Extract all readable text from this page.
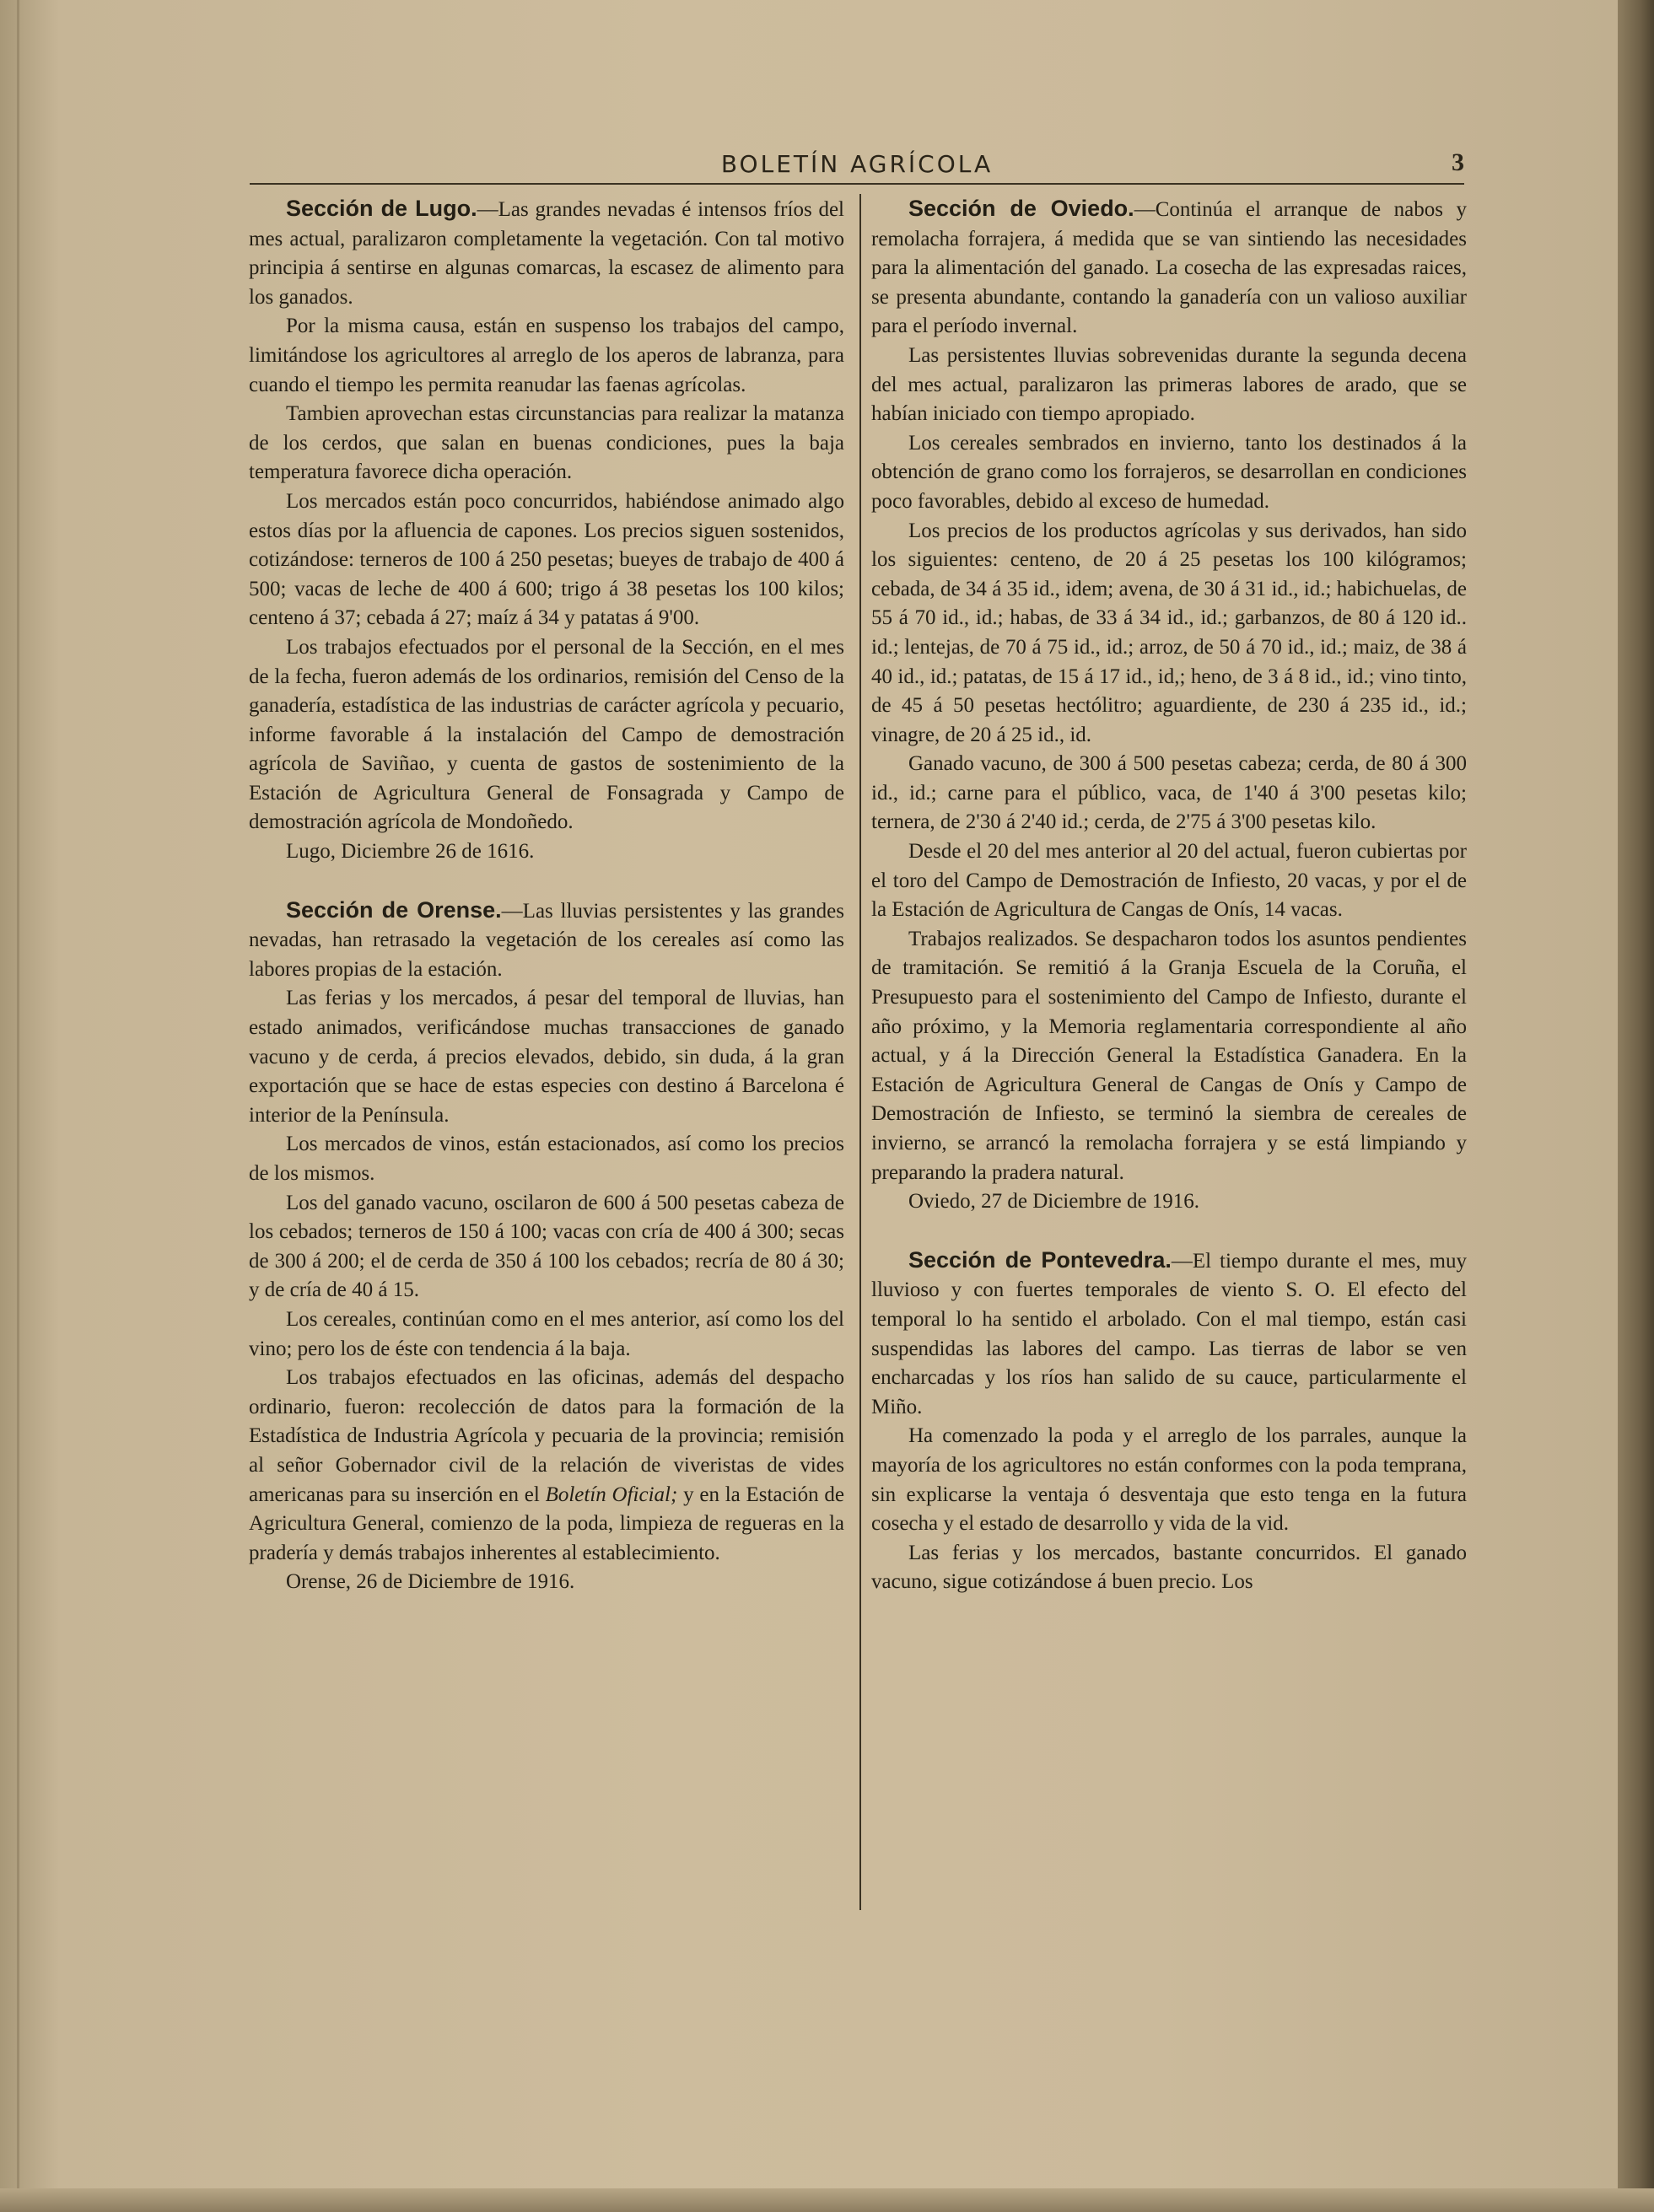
BOLETÍN AGRÍCOLA	3

Sección de Lugo.—Las grandes nevadas é intensos fríos del mes actual, paralizaron completamente la vegetación. Con tal motivo principia á sentirse en algunas comarcas, la escasez de alimento para los ganados.

Por la misma causa, están en suspenso los trabajos del campo, limitándose los agricultores al arreglo de los aperos de labranza, para cuando el tiempo les permita reanudar las faenas agrícolas.

Tambien aprovechan estas circunstancias para realizar la matanza de los cerdos, que salan en buenas condiciones, pues la baja temperatura favorece dicha operación.

Los mercados están poco concurridos, habiéndose animado algo estos días por la afluencia de capones. Los precios siguen sostenidos, cotizándose: terneros de 100 á 250 pesetas; bueyes de trabajo de 400 á 500; vacas de leche de 400 á 600; trigo á 38 pesetas los 100 kilos; centeno á 37; cebada á 27; maíz á 34 y patatas á 9'00.

Los trabajos efectuados por el personal de la Sección, en el mes de la fecha, fueron además de los ordinarios, remisión del Censo de la ganadería, estadística de las industrias de carácter agrícola y pecuario, informe favorable á la instalación del Campo de demostración agrícola de Saviñao, y cuenta de gastos de sostenimiento de la Estación de Agricultura General de Fonsagrada y Campo de demostración agrícola de Mondoñedo.

Lugo, Diciembre 26 de 1616.

Sección de Orense.—Las lluvias persistentes y las grandes nevadas, han retrasado la vegetación de los cereales así como las labores propias de la estación.

Las ferias y los mercados, á pesar del temporal de lluvias, han estado animados, verificándose muchas transacciones de ganado vacuno y de cerda, á precios elevados, debido, sin duda, á la gran exportación que se hace de estas especies con destino á Barcelona é interior de la Península.

Los mercados de vinos, están estacionados, así como los precios de los mismos.

Los del ganado vacuno, oscilaron de 600 á 500 pesetas cabeza de los cebados; terneros de 150 á 100; vacas con cría de 400 á 300; secas de 300 á 200; el de cerda de 350 á 100 los cebados; recría de 80 á 30; y de cría de 40 á 15.

Los cereales, continúan como en el mes anterior, así como los del vino; pero los de éste con tendencia á la baja.

Los trabajos efectuados en las oficinas, además del despacho ordinario, fueron: recolección de datos para la formación de la Estadística de Industria Agrícola y pecuaria de la provincia; remisión al señor Gobernador civil de la relación de viveristas de vides americanas para su inserción en el Boletín Oficial; y en la Estación de Agricultura General, comienzo de la poda, limpieza de regueras en la pradería y demás trabajos inherentes al establecimiento.

Orense, 26 de Diciembre de 1916.

Sección de Oviedo.—Continúa el arranque de nabos y remolacha forrajera, á medida que se van sintiendo las necesidades para la alimentación del ganado. La cosecha de las expresadas raices, se presenta abundante, contando la ganadería con un valioso auxiliar para el período invernal.

Las persistentes lluvias sobrevenidas durante la segunda decena del mes actual, paralizaron las primeras labores de arado, que se habían iniciado con tiempo apropiado.

Los cereales sembrados en invierno, tanto los destinados á la obtención de grano como los forrajeros, se desarrollan en condiciones poco favorables, debido al exceso de humedad.

Los precios de los productos agrícolas y sus derivados, han sido los siguientes: centeno, de 20 á 25 pesetas los 100 kilógramos; cebada, de 34 á 35 id., idem; avena, de 30 á 31 id., id.; habichuelas, de 55 á 70 id., id.; habas, de 33 á 34 id., id.; garbanzos, de 80 á 120 id.. id.; lentejas, de 70 á 75 id., id.; arroz, de 50 á 70 id., id.; maiz, de 38 á 40 id., id.; patatas, de 15 á 17 id., id,; heno, de 3 á 8 id., id.; vino tinto, de 45 á 50 pesetas hectólitro; aguardiente, de 230 á 235 id., id.; vinagre, de 20 á 25 id., id.

Ganado vacuno, de 300 á 500 pesetas cabeza; cerda, de 80 á 300 id., id.; carne para el público, vaca, de 1'40 á 3'00 pesetas kilo; ternera, de 2'30 á 2'40 id.; cerda, de 2'75 á 3'00 pesetas kilo.

Desde el 20 del mes anterior al 20 del actual, fueron cubiertas por el toro del Campo de Demostración de Infiesto, 20 vacas, y por el de la Estación de Agricultura de Cangas de Onís, 14 vacas.

Trabajos realizados. Se despacharon todos los asuntos pendientes de tramitación. Se remitió á la Granja Escuela de la Coruña, el Presupuesto para el sostenimiento del Campo de Infiesto, durante el año próximo, y la Memoria reglamentaria correspondiente al año actual, y á la Dirección General la Estadística Ganadera. En la Estación de Agricultura General de Cangas de Onís y Campo de Demostración de Infiesto, se terminó la siembra de cereales de invierno, se arrancó la remolacha forrajera y se está limpiando y preparando la pradera natural.

Oviedo, 27 de Diciembre de 1916.

Sección de Pontevedra.—El tiempo durante el mes, muy lluvioso y con fuertes temporales de viento S. O. El efecto del temporal lo ha sentido el arbolado. Con el mal tiempo, están casi suspendidas las labores del campo. Las tierras de labor se ven encharcadas y los ríos han salido de su cauce, particularmente el Miño.

Ha comenzado la poda y el arreglo de los parrales, aunque la mayoría de los agricultores no están conformes con la poda temprana, sin explicarse la ventaja ó desventaja que esto tenga en la futura cosecha y el estado de desarrollo y vida de la vid.

Las ferias y los mercados, bastante concurridos. El ganado vacuno, sigue cotizándose á buen precio. Los
